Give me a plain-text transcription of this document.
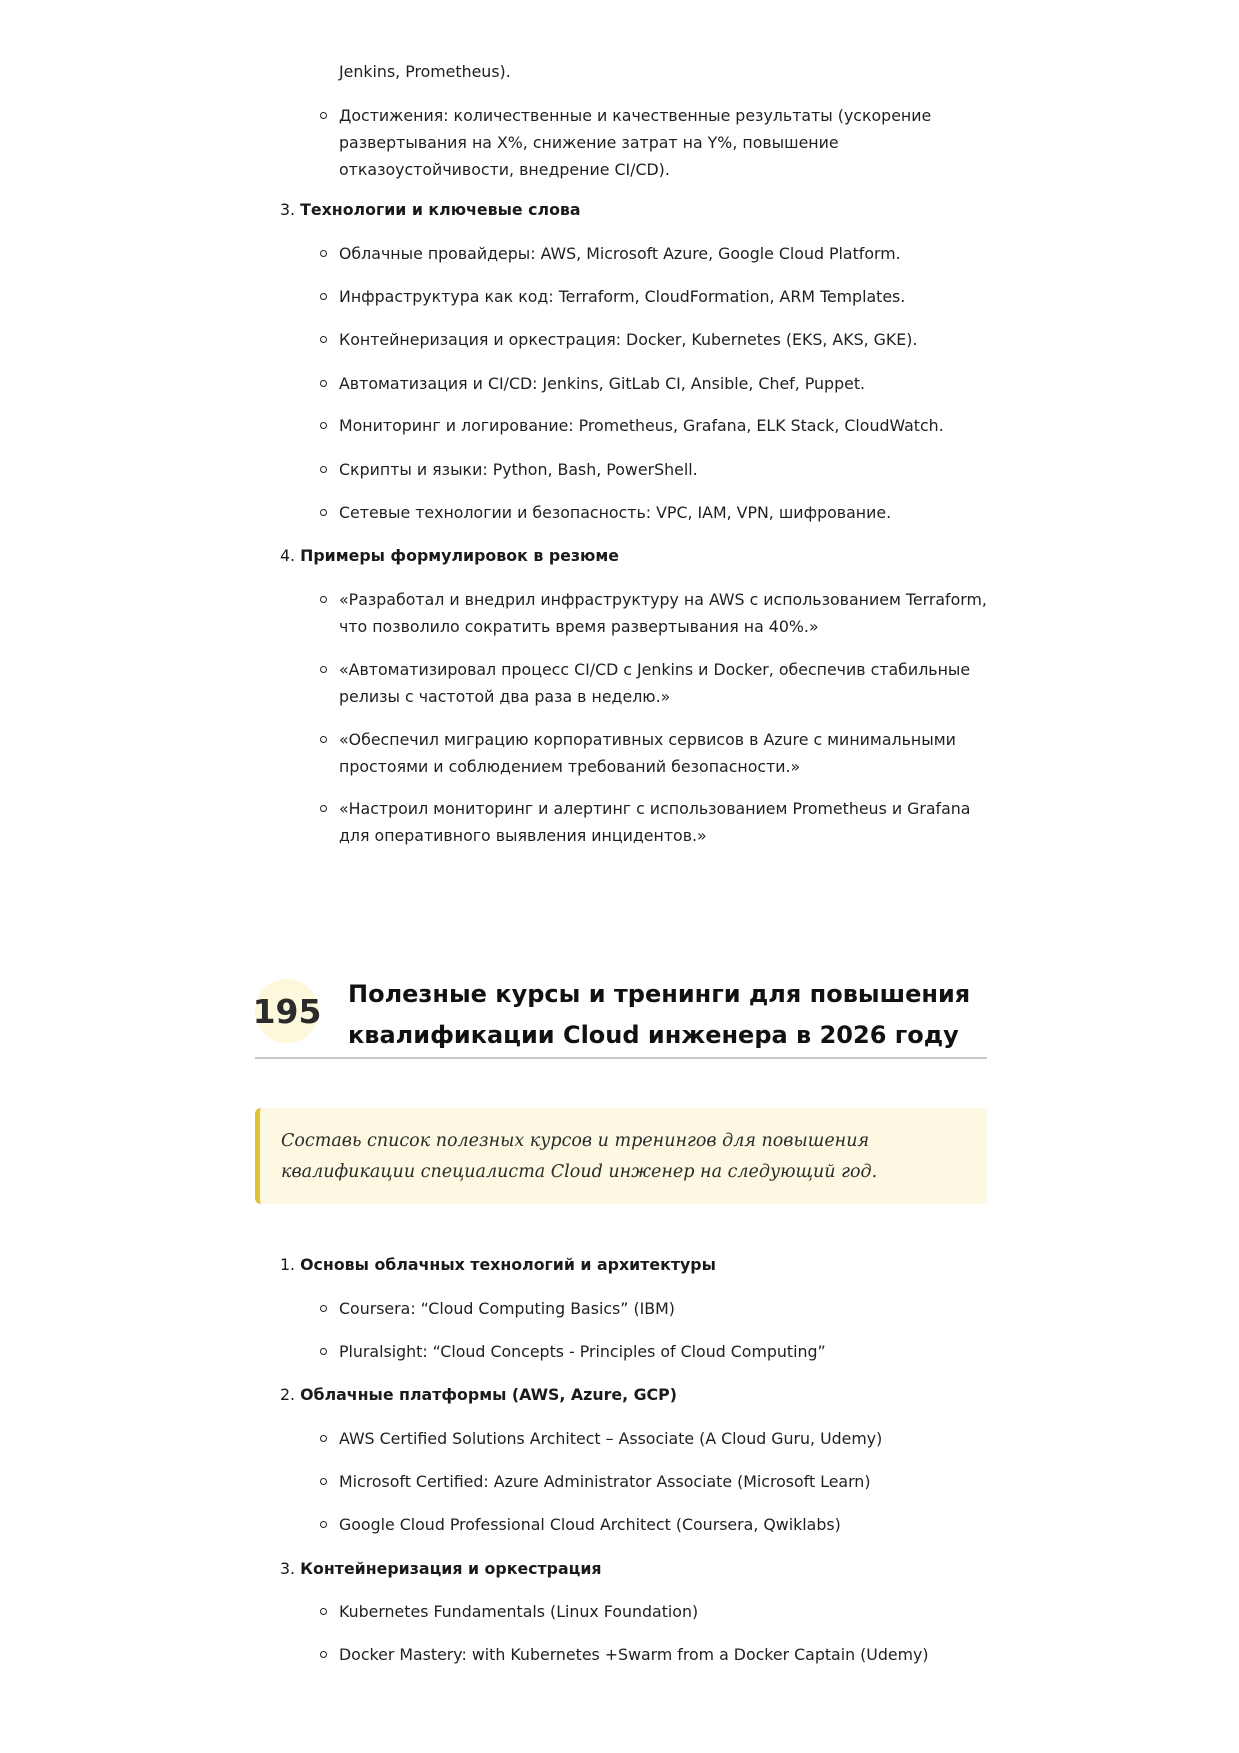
Jenkins, Prometheus).
Достижения: количественные и качественные результаты (ускорение развертывания на X%, снижение затрат на Y%, повышение отказоустойчивости, внедрение CI/CD).
3. Технологии и ключевые слова
Облачные провайдеры: AWS, Microsoft Azure, Google Cloud Platform.
Инфраструктура как код: Terraform, CloudFormation, ARM Templates.
Контейнеризация и оркестрация: Docker, Kubernetes (EKS, AKS, GKE).
Автоматизация и CI/CD: Jenkins, GitLab CI, Ansible, Chef, Puppet.
Мониторинг и логирование: Prometheus, Grafana, ELK Stack, CloudWatch.
Скрипты и языки: Python, Bash, PowerShell.
Сетевые технологии и безопасность: VPC, IAM, VPN, шифрование.
4. Примеры формулировок в резюме
«Разработал и внедрил инфраструктуру на AWS с использованием Terraform, что позволило сократить время развертывания на 40%.»
«Автоматизировал процесс CI/CD с Jenkins и Docker, обеспечив стабильные релизы с частотой два раза в неделю.»
«Обеспечил миграцию корпоративных сервисов в Azure с минимальными простоями и соблюдением требований безопасности.»
«Настроил мониторинг и алертинг с использованием Prometheus и Grafana для оперативного выявления инцидентов.»
195 Полезные курсы и тренинги для повышения квалификации Cloud инженера в 2026 году
Составь список полезных курсов и тренингов для повышения квалификации специалиста Cloud инженер на следующий год.
1. Основы облачных технологий и архитектуры
Coursera: “Cloud Computing Basics” (IBM)
Pluralsight: “Cloud Concepts - Principles of Cloud Computing”
2. Облачные платформы (AWS, Azure, GCP)
AWS Certified Solutions Architect – Associate (A Cloud Guru, Udemy)
Microsoft Certified: Azure Administrator Associate (Microsoft Learn)
Google Cloud Professional Cloud Architect (Coursera, Qwiklabs)
3. Контейнеризация и оркестрация
Kubernetes Fundamentals (Linux Foundation)
Docker Mastery: with Kubernetes +Swarm from a Docker Captain (Udemy)
